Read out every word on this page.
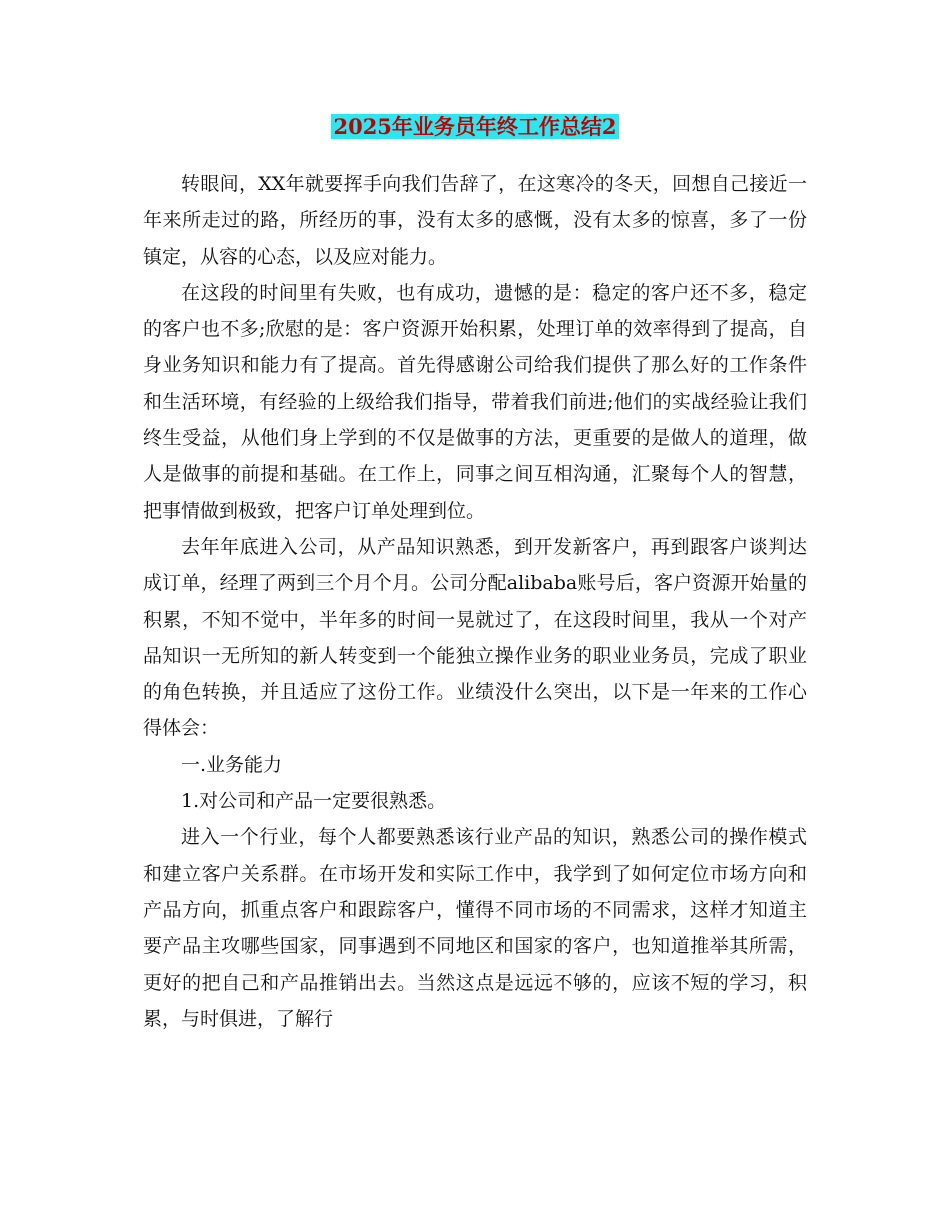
2025年业务员年终工作总结2

转眼间，XX年就要挥手向我们告辞了，在这寒冷的冬天，回想自己接近一年来所走过的路，所经历的事，没有太多的感慨，没有太多的惊喜，多了一份镇定，从容的心态，以及应对能力。

在这段的时间里有失败，也有成功，遗憾的是：稳定的客户还不多，稳定的客户也不多;欣慰的是：客户资源开始积累，处理订单的效率得到了提高，自身业务知识和能力有了提高。首先得感谢公司给我们提供了那么好的工作条件和生活环境，有经验的上级给我们指导，带着我们前进;他们的实战经验让我们终生受益，从他们身上学到的不仅是做事的方法，更重要的是做人的道理，做人是做事的前提和基础。在工作上，同事之间互相沟通，汇聚每个人的智慧，把事情做到极致，把客户订单处理到位。

去年年底进入公司，从产品知识熟悉，到开发新客户，再到跟客户谈判达成订单，经理了两到三个月个月。公司分配alibaba账号后，客户资源开始量的积累，不知不觉中，半年多的时间一晃就过了，在这段时间里，我从一个对产品知识一无所知的新人转变到一个能独立操作业务的职业业务员，完成了职业的角色转换，并且适应了这份工作。业绩没什么突出，以下是一年来的工作心得体会：

一.业务能力

1.对公司和产品一定要很熟悉。

进入一个行业，每个人都要熟悉该行业产品的知识，熟悉公司的操作模式和建立客户关系群。在市场开发和实际工作中，我学到了如何定位市场方向和产品方向，抓重点客户和跟踪客户，懂得不同市场的不同需求，这样才知道主要产品主攻哪些国家，同事遇到不同地区和国家的客户，也知道推举其所需，更好的把自己和产品推销出去。当然这点是远远不够的，应该不短的学习，积累，与时俱进，了解行
